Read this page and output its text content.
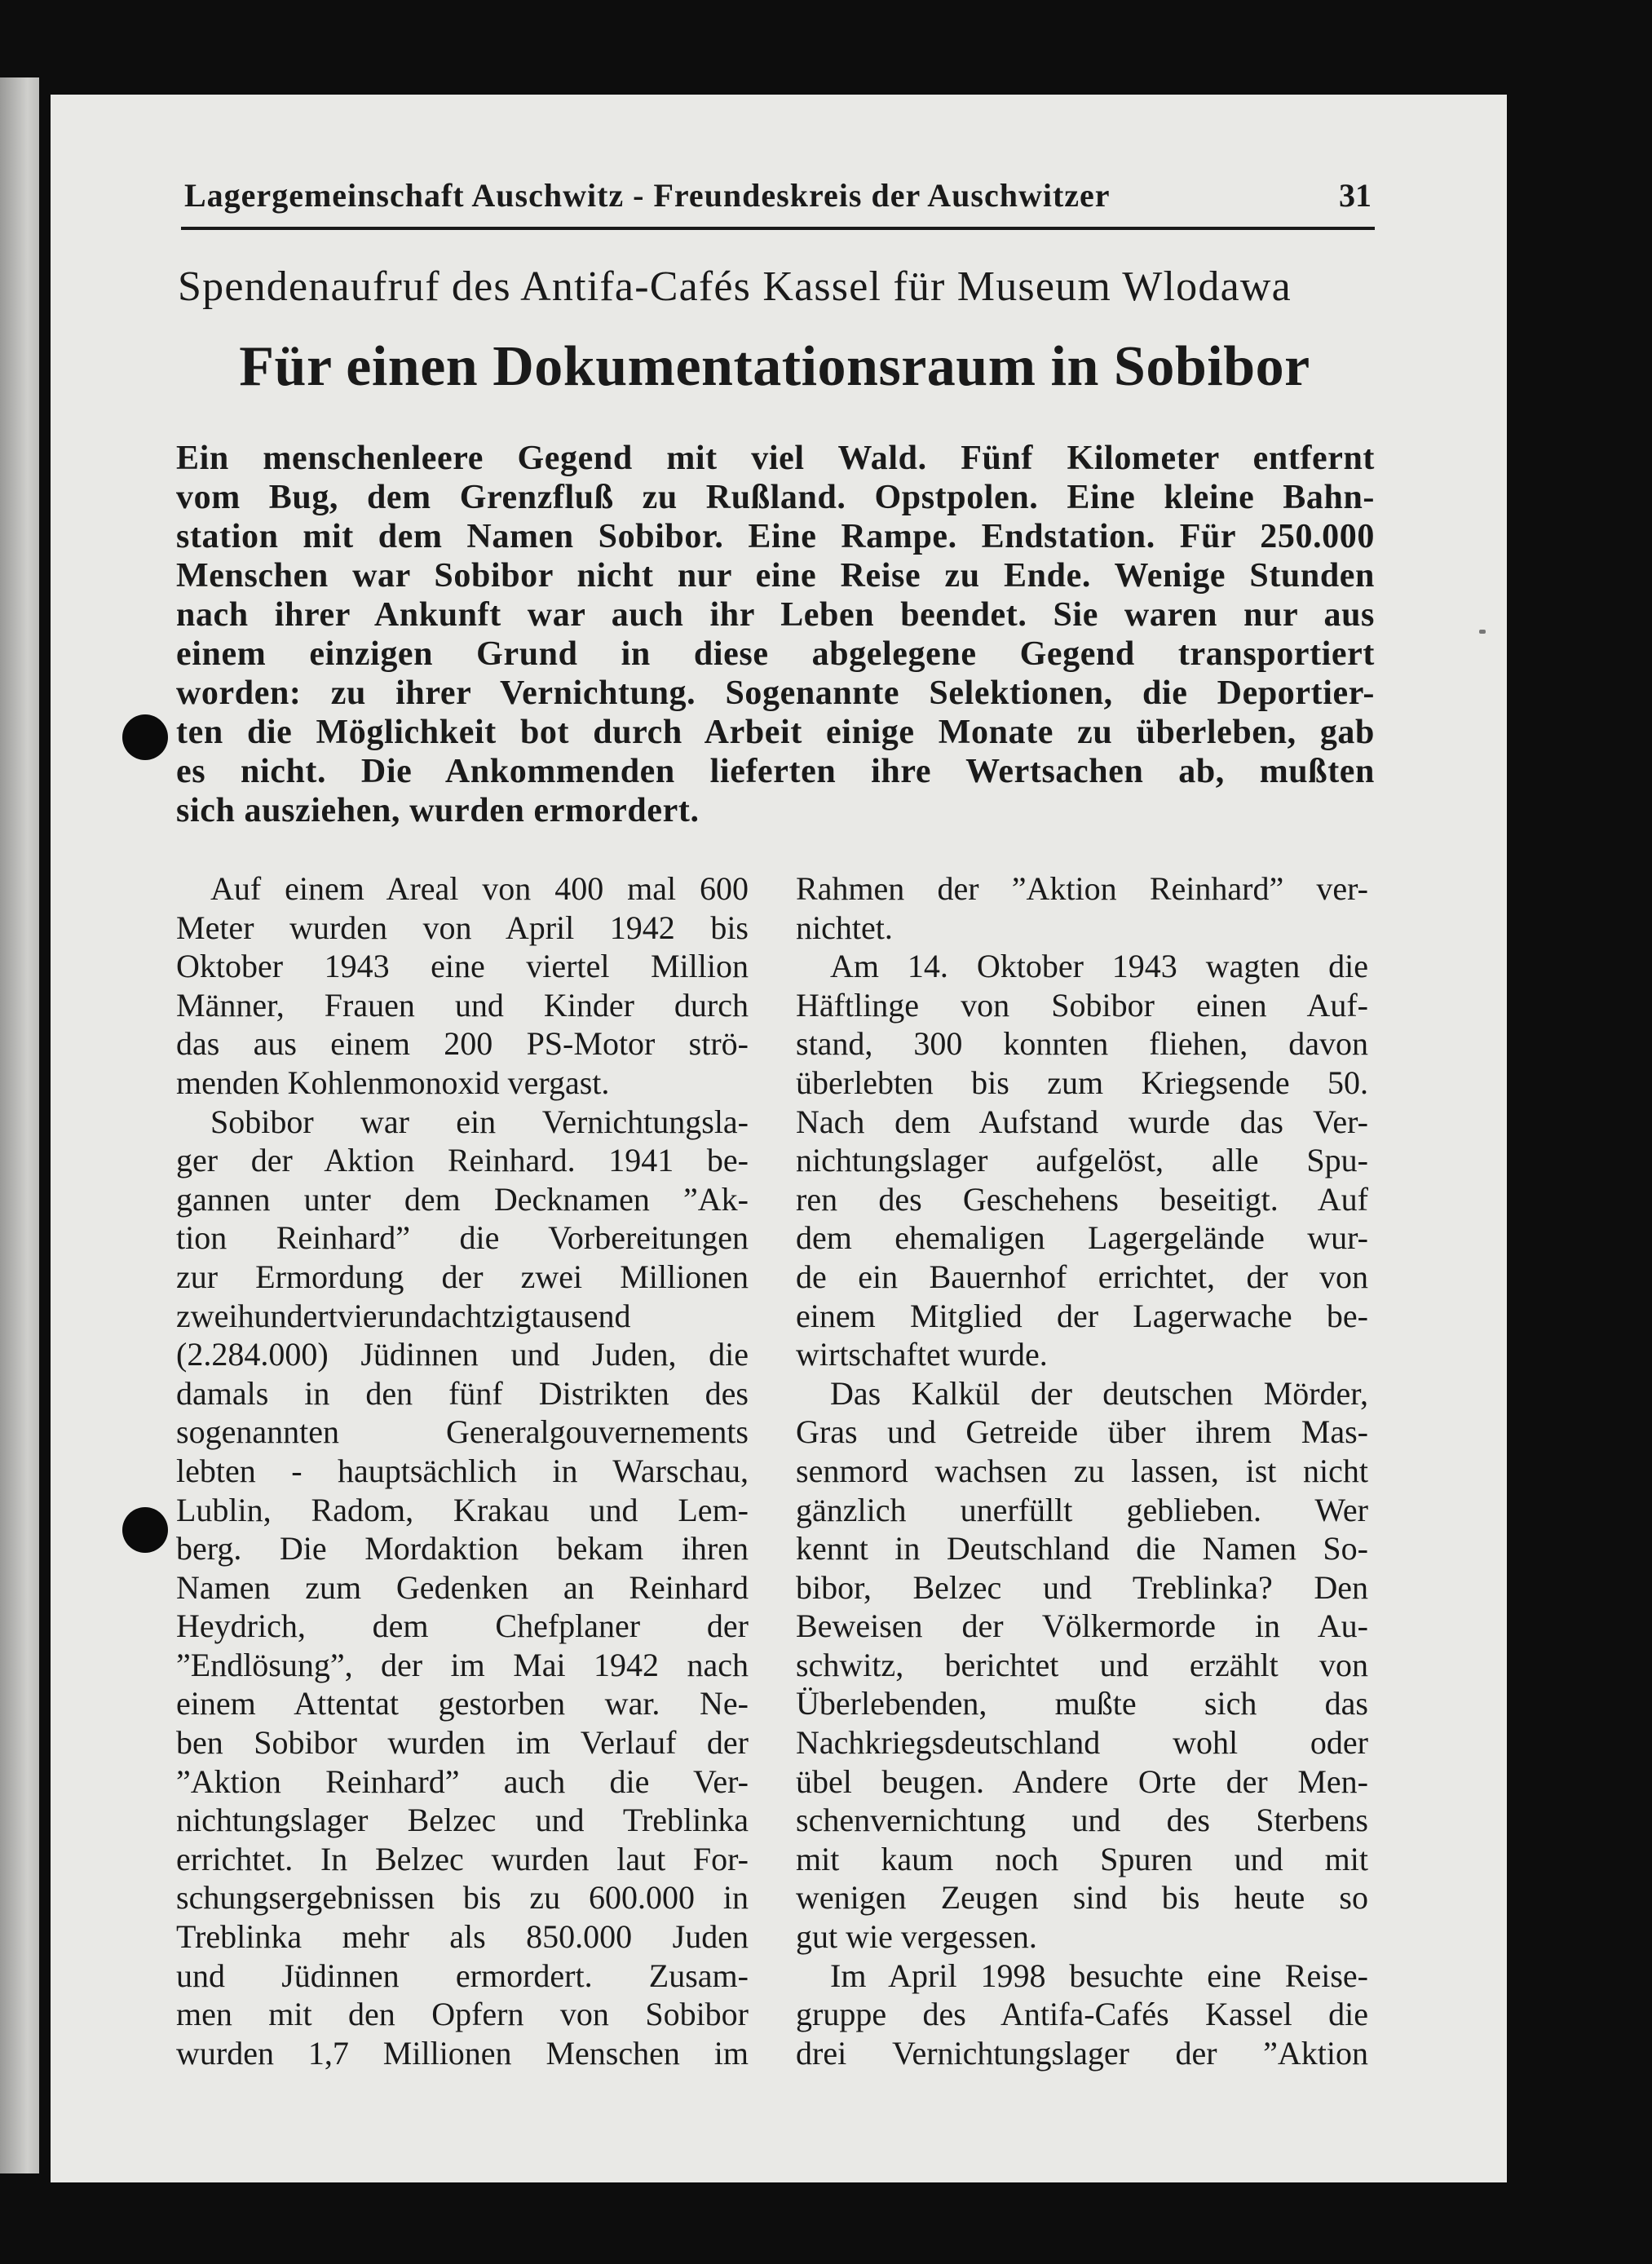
Lagergemeinschaft Auschwitz - Freundeskreis der Auschwitzer	31
Spendenaufruf des Antifa-Cafés Kassel für Museum Wlodawa
Für einen Dokumentationsraum in Sobibor
Ein menschenleere Gegend mit viel Wald. Fünf Kilometer entfernt
vom Bug, dem Grenzfluß zu Rußland. Opstpolen. Eine kleine Bahn-
station mit dem Namen Sobibor. Eine Rampe. Endstation. Für 250.000
Menschen war Sobibor nicht nur eine Reise zu Ende. Wenige Stunden
nach ihrer Ankunft war auch ihr Leben beendet. Sie waren nur aus
einem einzigen Grund in diese abgelegene Gegend transportiert
worden: zu ihrer Vernichtung. Sogenannte Selektionen, die Deportier-
ten die Möglichkeit bot durch Arbeit einige Monate zu überleben, gab
es nicht. Die Ankommenden lieferten ihre Wertsachen ab, mußten
sich ausziehen, wurden ermordert.
Auf einem Areal von 400 mal 600
Meter wurden von April 1942 bis
Oktober 1943 eine viertel Million
Männer, Frauen und Kinder durch
das aus einem 200 PS-Motor strö-
menden Kohlenmonoxid vergast.
Sobibor war ein Vernichtungsla-
ger der Aktion Reinhard. 1941 be-
gannen unter dem Decknamen ”Ak-
tion Reinhard” die Vorbereitungen
zur Ermordung der zwei Millionen
zweihundertvierundachtzigtausend
(2.284.000) Jüdinnen und Juden, die
damals in den fünf Distrikten des
sogenannten Generalgouvernements
lebten - hauptsächlich in Warschau,
Lublin, Radom, Krakau und Lem-
berg. Die Mordaktion bekam ihren
Namen zum Gedenken an Reinhard
Heydrich, dem Chefplaner der
”Endlösung”, der im Mai 1942 nach
einem Attentat gestorben war. Ne-
ben Sobibor wurden im Verlauf der
”Aktion Reinhard” auch die Ver-
nichtungslager Belzec und Treblinka
errichtet. In Belzec wurden laut For-
schungsergebnissen bis zu 600.000 in
Treblinka mehr als 850.000 Juden
und Jüdinnen ermordert. Zusam-
men mit den Opfern von Sobibor
wurden 1,7 Millionen Menschen im
Rahmen der ”Aktion Reinhard” ver-
nichtet.
Am 14. Oktober 1943 wagten die
Häftlinge von Sobibor einen Auf-
stand, 300 konnten fliehen, davon
überlebten bis zum Kriegsende 50.
Nach dem Aufstand wurde das Ver-
nichtungslager aufgelöst, alle Spu-
ren des Geschehens beseitigt. Auf
dem ehemaligen Lagergelände wur-
de ein Bauernhof errichtet, der von
einem Mitglied der Lagerwache be-
wirtschaftet wurde.
Das Kalkül der deutschen Mörder,
Gras und Getreide über ihrem Mas-
senmord wachsen zu lassen, ist nicht
gänzlich unerfüllt geblieben. Wer
kennt in Deutschland die Namen So-
bibor, Belzec und Treblinka? Den
Beweisen der Völkermorde in Au-
schwitz, berichtet und erzählt von
Überlebenden, mußte sich das
Nachkriegsdeutschland wohl oder
übel beugen. Andere Orte der Men-
schenvernichtung und des Sterbens
mit kaum noch Spuren und mit
wenigen Zeugen sind bis heute so
gut wie vergessen.
Im April 1998 besuchte eine Reise-
gruppe des Antifa-Cafés Kassel die
drei Vernichtungslager der ”Aktion
